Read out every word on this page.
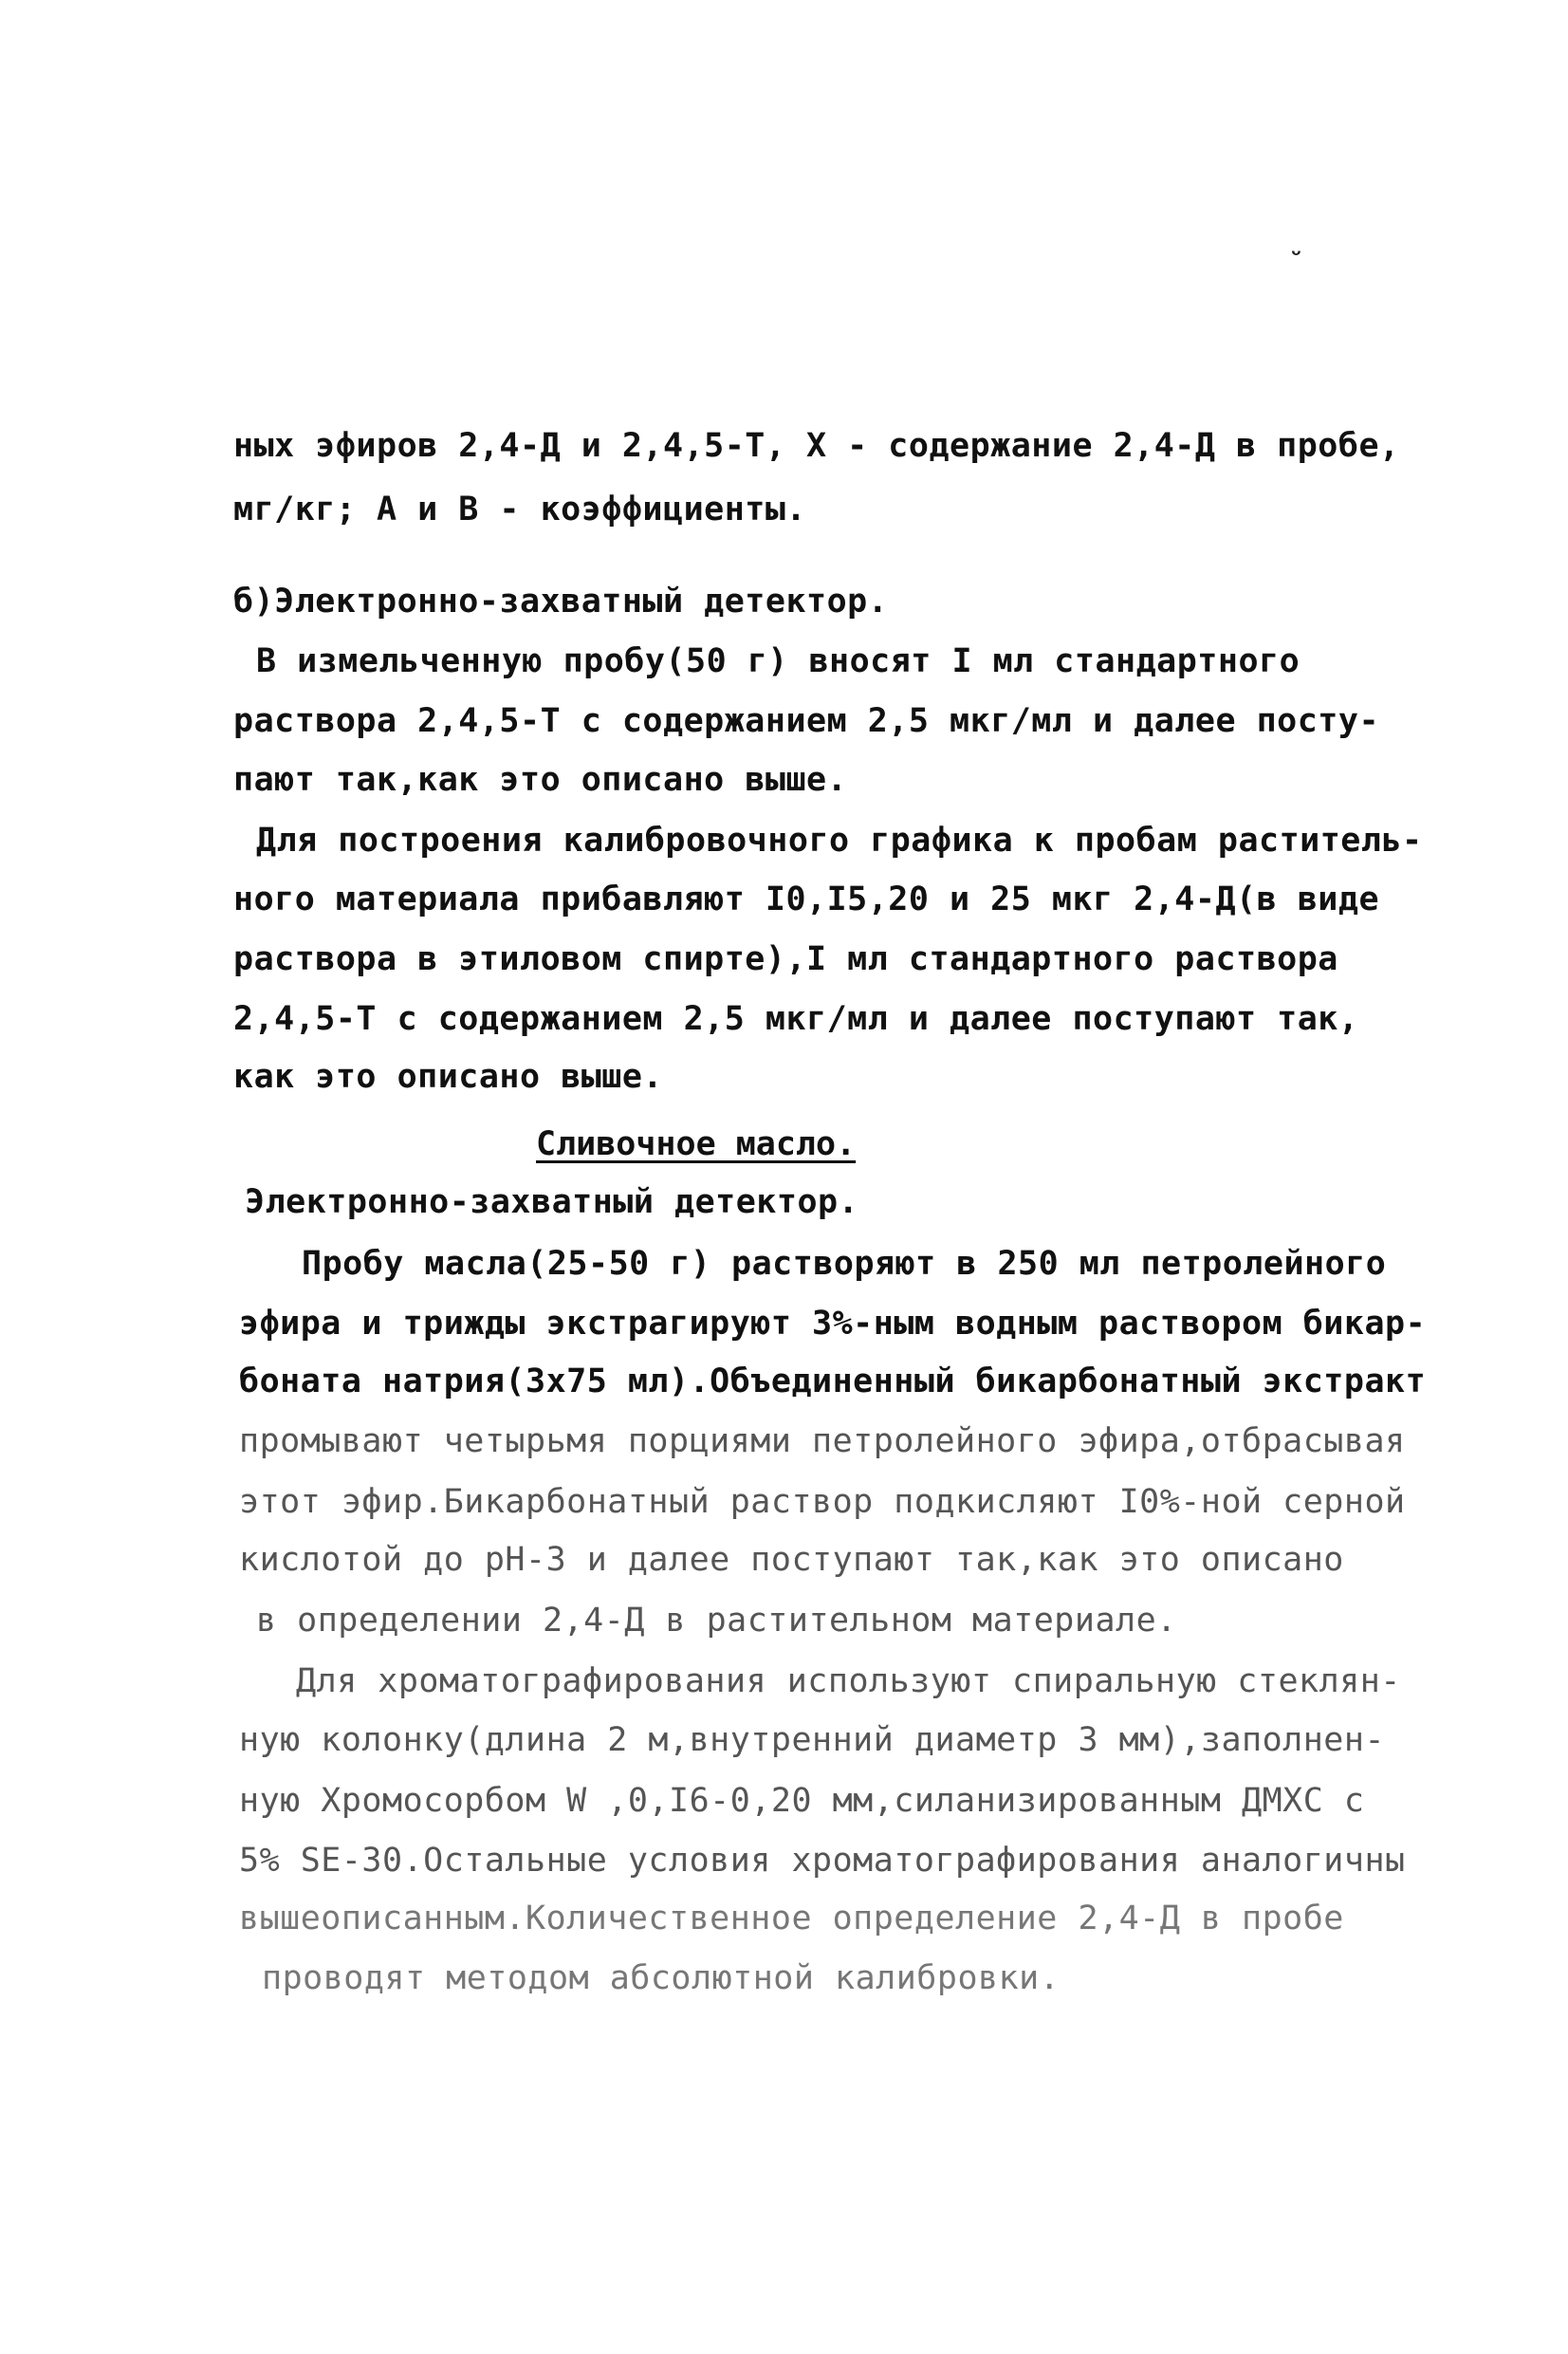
ᵕ
ных эфиров 2,4-Д и 2,4,5-Т, Х - содержание 2,4-Д в пробе,
мг/кг; А и В - коэффициенты.
б)Электронно-захватный детектор.
В измельченную пробу(50 г) вносят I мл стандартного
раствора 2,4,5-Т с содержанием 2,5 мкг/мл и далее посту-
пают так,как это описано выше.
Для построения калибровочного графика к пробам раститель-
ного материала прибавляют I0,I5,20 и 25 мкг 2,4-Д(в виде
раствора в этиловом спирте),I мл стандартного раствора
2,4,5-Т с содержанием 2,5 мкг/мл и далее поступают так,
как это описано выше.
Сливочное масло.
Электронно-захватный детектор.
Пробу масла(25-50 г) растворяют в 250 мл петролейного
эфира и трижды экстрагируют 3%-ным водным раствором бикар-
боната натрия(3х75 мл).Объединенный бикарбонатный экстракт
промывают четырьмя порциями петролейного эфира,отбрасывая
этот эфир.Бикарбонатный раствор подкисляют I0%-ной серной
кислотой до рН-3 и далее поступают так,как это описано
в определении 2,4-Д в растительном материале.
Для хроматографирования используют спиральную стеклян-
ную колонку(длина 2 м,внутренний диаметр 3 мм),заполнен-
ную Хромосорбом W ,0,I6-0,20 мм,силанизированным ДМХС с
5% SE-30.Остальные условия хроматографирования аналогичны
вышеописанным.Количественное определение 2,4-Д в пробе
проводят методом абсолютной калибровки.
